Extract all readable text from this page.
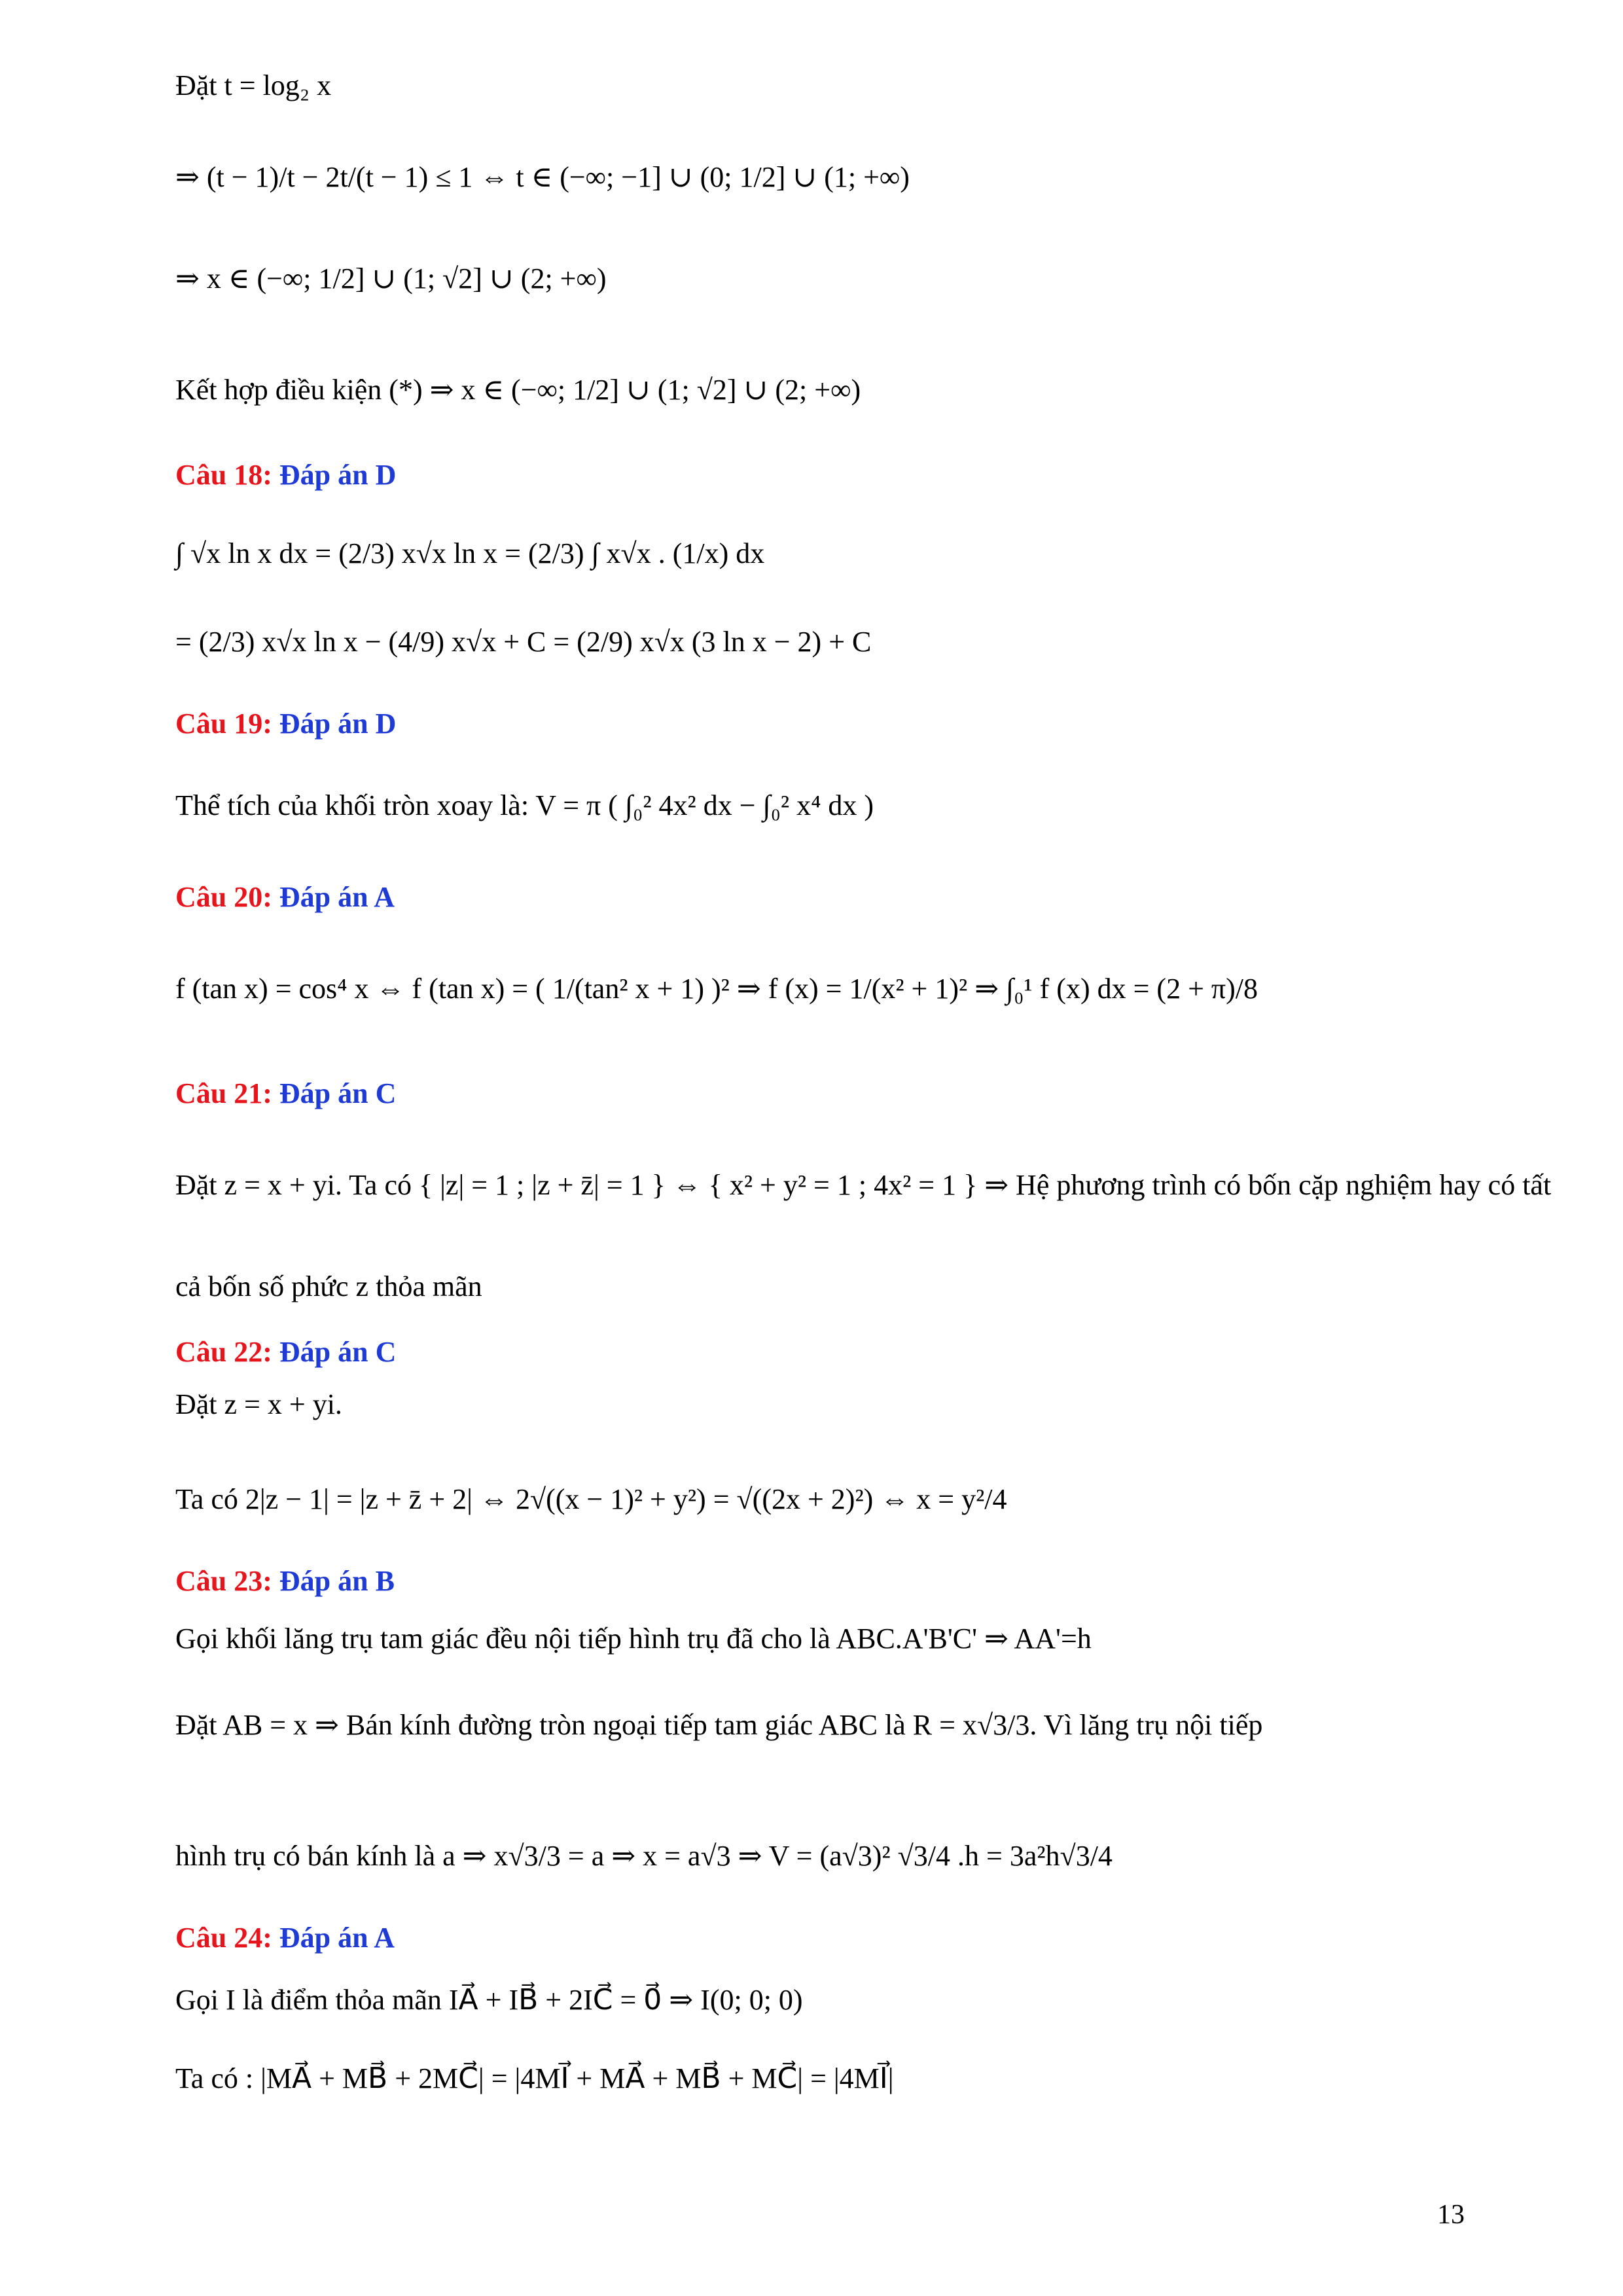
Đặt t = log₂ x
⇒ (t − 1)/t − 2t/(t − 1) ≤ 1 ⇔ t ∈ (−∞; −1] ∪ (0; 1/2] ∪ (1; +∞)
⇒ x ∈ (−∞; 1/2] ∪ (1; √2] ∪ (2; +∞)
Kết hợp điều kiện (*) ⇒ x ∈ (−∞; 1/2] ∪ (1; √2] ∪ (2; +∞)
Câu 18: Đáp án D
∫ √x ln x dx = (2/3) x√x ln x = (2/3) ∫ x√x . (1/x) dx
= (2/3) x√x ln x − (4/9) x√x + C = (2/9) x√x (3 ln x − 2) + C
Câu 19: Đáp án D
Thể tích của khối tròn xoay là: V = π ( ∫₀² 4x² dx − ∫₀² x⁴ dx )
Câu 20: Đáp án A
f (tan x) = cos⁴ x ⇔ f (tan x) = ( 1/(tan² x + 1) )² ⇒ f (x) = 1/(x² + 1)² ⇒ ∫₀¹ f (x) dx = (2 + π)/8
Câu 21: Đáp án C
Đặt z = x + yi. Ta có { |z| = 1 ; |z + z̄| = 1 } ⇔ { x² + y² = 1 ; 4x² = 1 } ⇒ Hệ phương trình có bốn cặp nghiệm hay có tất
cả bốn số phức z thỏa mãn
Câu 22: Đáp án C
Đặt z = x + yi.
Ta có 2|z − 1| = |z + z̄ + 2| ⇔ 2√((x − 1)² + y²) = √((2x + 2)²) ⇔ x = y²/4
Câu 23: Đáp án B
Gọi khối lăng trụ tam giác đều nội tiếp hình trụ đã cho là ABC.A'B'C' ⇒ AA'=h
Đặt AB = x ⇒ Bán kính đường tròn ngoại tiếp tam giác ABC là R = x√3/3. Vì lăng trụ nội tiếp
hình trụ có bán kính là a ⇒ x√3/3 = a ⇒ x = a√3 ⇒ V = (a√3)² √3/4 .h = 3a²h√3/4
Câu 24: Đáp án A
Gọi I là điểm thỏa mãn IA⃗ + IB⃗ + 2IC⃗ = 0⃗ ⇒ I(0; 0; 0)
Ta có : |MA⃗ + MB⃗ + 2MC⃗| = |4MI⃗ + MA⃗ + MB⃗ + MC⃗| = |4MI⃗|
13
